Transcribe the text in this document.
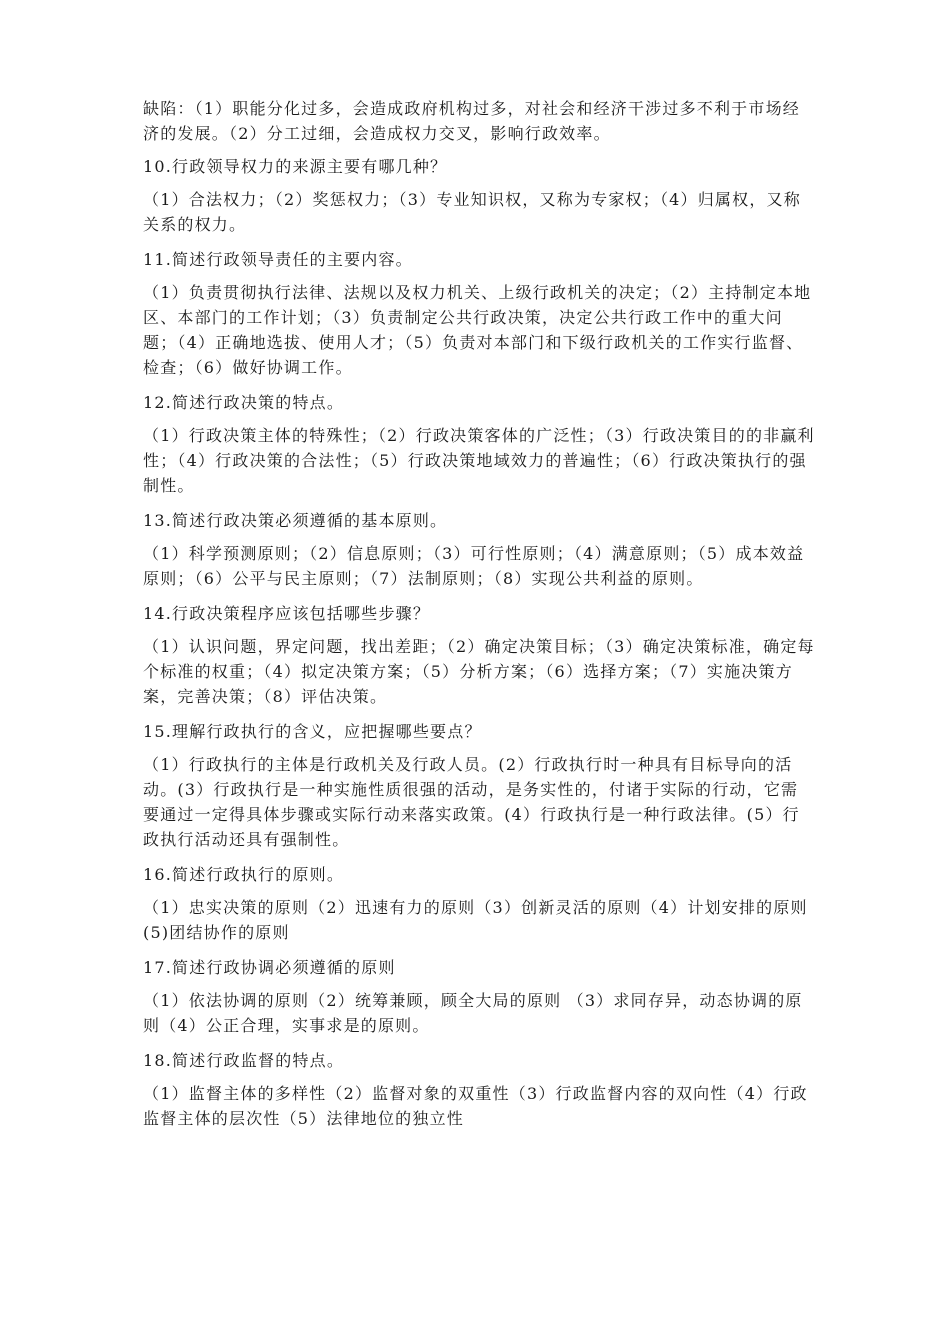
缺陷：（1）职能分化过多，会造成政府机构过多，对社会和经济干涉过多不利于市场经济的发展。（2）分工过细，会造成权力交叉，影响行政效率。

10.行政领导权力的来源主要有哪几种？

（1）合法权力；（2）奖惩权力；（3）专业知识权，又称为专家权；（4）归属权，又称关系的权力。

11.简述行政领导责任的主要内容。

（1）负责贯彻执行法律、法规以及权力机关、上级行政机关的决定；（2）主持制定本地区、本部门的工作计划；（3）负责制定公共行政决策，决定公共行政工作中的重大问题；（4）正确地选拔、使用人才；（5）负责对本部门和下级行政机关的工作实行监督、检查；（6）做好协调工作。

12.简述行政决策的特点。

（1）行政决策主体的特殊性；（2）行政决策客体的广泛性；（3）行政决策目的的非赢利性；（4）行政决策的合法性；（5）行政决策地域效力的普遍性；（6）行政决策执行的强制性。

13.简述行政决策必须遵循的基本原则。

（1）科学预测原则；（2）信息原则；（3）可行性原则；（4）满意原则；（5）成本效益原则；（6）公平与民主原则；（7）法制原则；（8）实现公共利益的原则。

14.行政决策程序应该包括哪些步骤？

（1）认识问题，界定问题，找出差距；（2）确定决策目标；（3）确定决策标准，确定每个标准的权重；（4）拟定决策方案；（5）分析方案；（6）选择方案；（7）实施决策方案，完善决策；（8）评估决策。

15.理解行政执行的含义，应把握哪些要点？

（1）行政执行的主体是行政机关及行政人员。(2）行政执行时一种具有目标导向的活动。(3）行政执行是一种实施性质很强的活动，是务实性的，付诸于实际的行动，它需要通过一定得具体步骤或实际行动来落实政策。(4）行政执行是一种行政法律。(5）行政执行活动还具有强制性。

16.简述行政执行的原则。

（1）忠实决策的原则（2）迅速有力的原则（3）创新灵活的原则（4）计划安排的原则 (5)团结协作的原则

17.简述行政协调必须遵循的原则

（1）依法协调的原则（2）统筹兼顾，顾全大局的原则 （3）求同存异，动态协调的原则（4）公正合理，实事求是的原则。

18.简述行政监督的特点。

（1）监督主体的多样性（2）监督对象的双重性（3）行政监督内容的双向性（4）行政监督主体的层次性（5）法律地位的独立性
